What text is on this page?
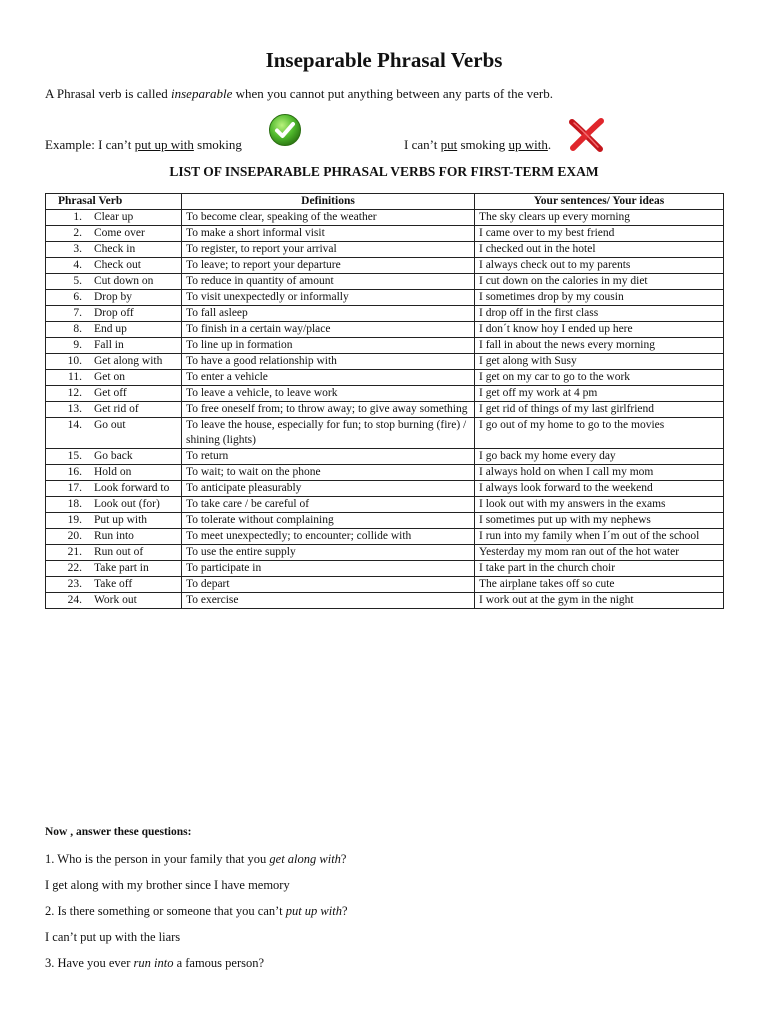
Inseparable Phrasal Verbs
A Phrasal verb is called inseparable when you cannot put anything between any parts of the verb.
Example: I can’t put up with smoking	I can’t put smoking up with.
LIST OF INSEPARABLE PHRASAL VERBS FOR FIRST-TERM EXAM
Phrasal Verb	Definitions	Your sentences/ Your ideas
1. Clear up	To become clear, speaking of the weather	The sky clears up every morning
2. Come over	To make a short informal visit	I came over to my best friend
3. Check in	To register, to report your arrival	I checked out in the hotel
4. Check out	To leave; to report your departure	I always check out to my parents
5. Cut down on	To reduce in quantity of amount	I cut down on the calories in my diet
6. Drop by	To visit unexpectedly or informally	I sometimes drop by my cousin
7. Drop off	To fall asleep	I drop off in the first class
8. End up	To finish in a certain way/place	I don´t know hoy I ended up here
9. Fall in	To line up in formation	I fall in about the news every morning
10. Get along with	To have a good relationship with	I get along with Susy
11. Get on	To enter a vehicle	I get on my car to go to the work
12. Get off	To leave a vehicle, to leave work	I get off my work at 4 pm
13. Get rid of	To free oneself from; to throw away; to give away something	I get rid of things of my last girlfriend
14. Go out	To leave the house, especially for fun; to stop burning (fire) / shining (lights)	I go out of my home to go to the movies
15. Go back	To return	I go back my home every day
16. Hold on	To wait; to wait on the phone	I always hold on when I call my mom
17. Look forward to	To anticipate pleasurably	I always look forward to the weekend
18. Look out (for)	To take care / be careful of	I look out with my answers in the exams
19. Put up with	To tolerate without complaining	I sometimes put up with my nephews
20. Run into	To meet unexpectedly; to encounter; collide with	I run into my family when I´m out of the school
21. Run out of	To use the entire supply	Yesterday my mom ran out of the hot water
22. Take part in	To participate in	I take part in the church choir
23. Take off	To depart	The airplane takes off so cute
24. Work out	To exercise	I work out at the gym in the night
Now , answer these questions:
1. Who is the person in your family that you get along with?
I get along with my brother since I have memory
2. Is there something or someone that you can’t put up with?
I can’t put up with the liars
3. Have you ever run into a famous person?
